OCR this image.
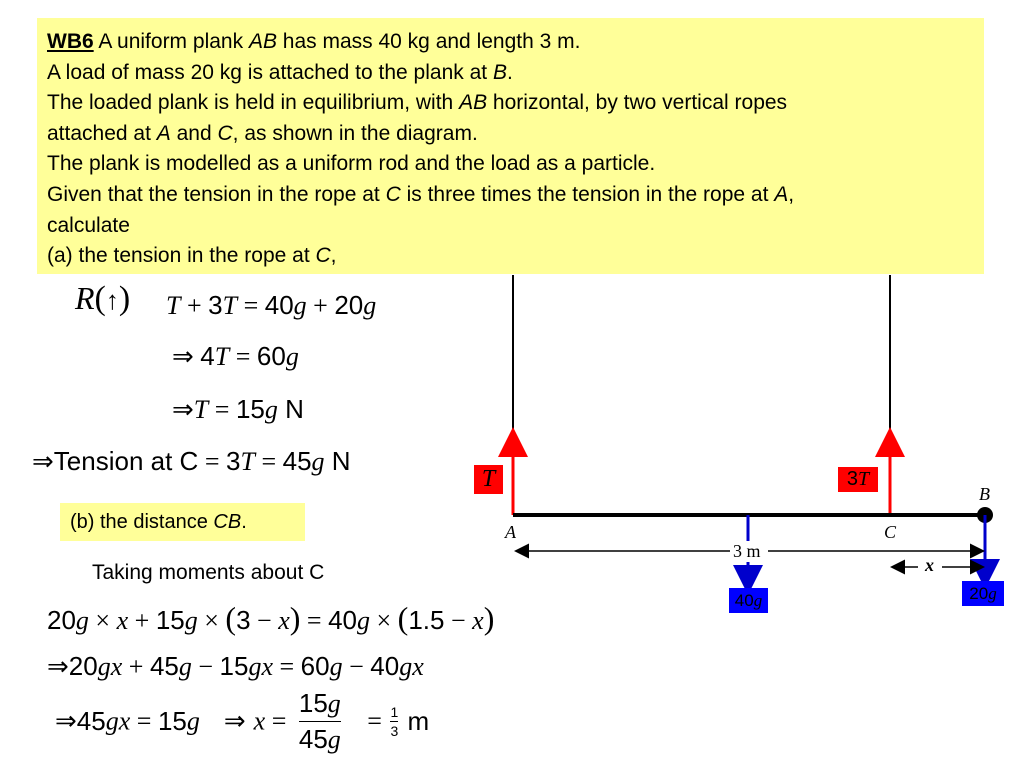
WB6 A uniform plank AB has mass 40 kg and length 3 m.
A load of mass 20 kg is attached to the plank at B.
The loaded plank is held in equilibrium, with AB horizontal, by two vertical ropes
attached at A and C, as shown in the diagram.
The plank is modelled as a uniform rod and the load as a particle.
Given that the tension in the rope at C is three times the tension in the rope at A,
calculate
(a) the tension in the rope at C,
T	3T
40g	20g
A
B
C
3 m
x
R(↑) T + 3T = 40g + 20g
⇒ 4T = 60g
⇒T = 15g N
⇒Tension at C = 3T = 45g N
(b) the distance CB.
Taking moments about C
20g × x + 15g × (3 − x) = 40g × (1.5 − x)
⇒20gx + 45g − 15gx = 60g − 40gx
⇒45gx = 15g ⇒ $x = \frac{15g}{45g} = \frac{1}{3}$ m
